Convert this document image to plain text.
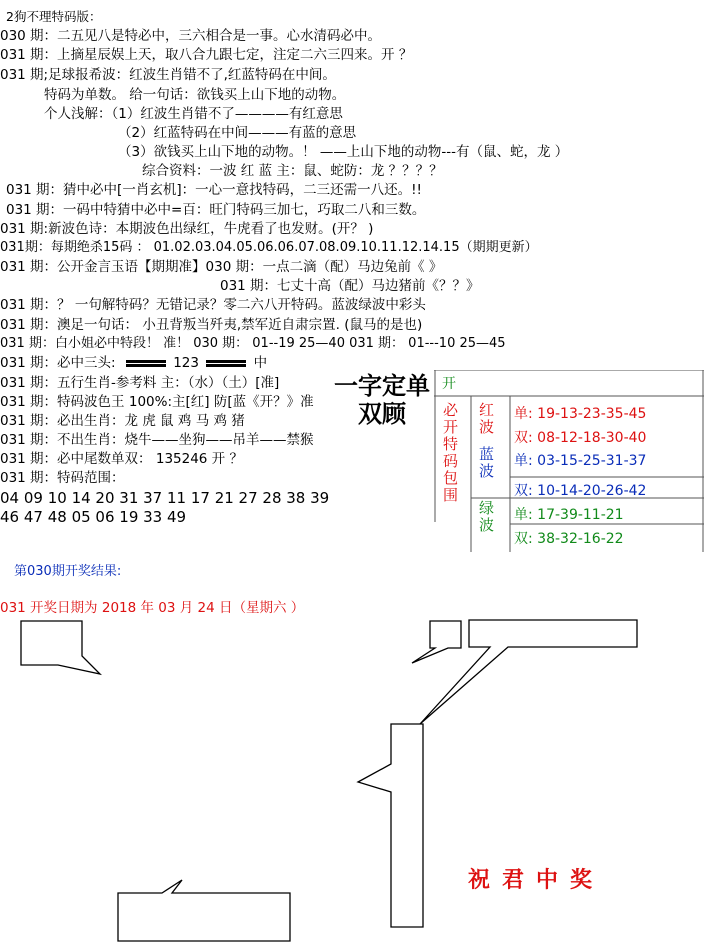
2狗不理特码版：
030 期：二五见八是特必中，三六相合是一事。心水清码必中。
031 期：上摘星辰娱上天，取八合九跟七定，注定二六三四来。开 ？
031 期;足球报希波：红波生肖错不了,红蓝特码在中间。
特码为单数。 给一句话：欲钱买上山下地的动物。
个人浅解：（1）红波生肖错不了————有红意思
（2）红蓝特码在中间———有蓝的意思
（3）欲钱买上山下地的动物。！ ——上山下地的动物---有（鼠、蛇，龙 ）
综合资料：一波 红 蓝 主：鼠、蛇防：龙 ？？？？
031 期：猜中必中[一肖玄机]：一心一意找特码，二三还需一八还。!!
031 期：一码中特猜中必中=百：旺门特码三加七，巧取二八和三数。
031 期:新波色诗：本期波色出绿红，牛虎看了也发财。(开？ )
031期：每期绝杀15码 ： 01.02.03.04.05.06.06.07.08.09.10.11.12.14.15（期期更新）
031 期：公开金言玉语【期期准】030 期：一点二滴（配）马边兔前《 》
031 期：七丈十高（配）马边猪前《？？》
031 期：？ 一句解特码？无错记录？零二六八开特码。蓝波绿波中彩头
031 期：澳足一句话： 小丑背叛当歼夷,禁军近自肃宗置. (鼠马的是也)
031 期：白小姐必中特段！ 准！ 030 期： 01--19 25—40 031 期： 01---10 25—45
031 期：必中三头:	123	中
031 期：五行生肖-参考料 主：（水）（土）[准]
031 期：特码波色王 100%:主[红] 防[蓝《开？》准
031 期：必出生肖：龙 虎 鼠 鸡 马 鸡 猪
031 期：不出生肖：烧牛——坐狗——吊羊——禁猴
031 期：必中尾数单双： 135246 开 ？
031 期：特码范围：
04 09 10 14 20 31 37 11 17 21 27 28 38 39
46 47 48 05 06 19 33 49
一字定单双顾
开
必开特码包围 红波
蓝波
绿波
单: 19-13-23-35-45
双: 08-12-18-30-40
单: 03-15-25-31-37
双: 10-14-20-26-42
单: 17-39-11-21
双: 38-32-16-22
第030期开奖结果:
031 开奖日期为 2018 年 03 月 24 日（星期六 ）
祝君中奖
